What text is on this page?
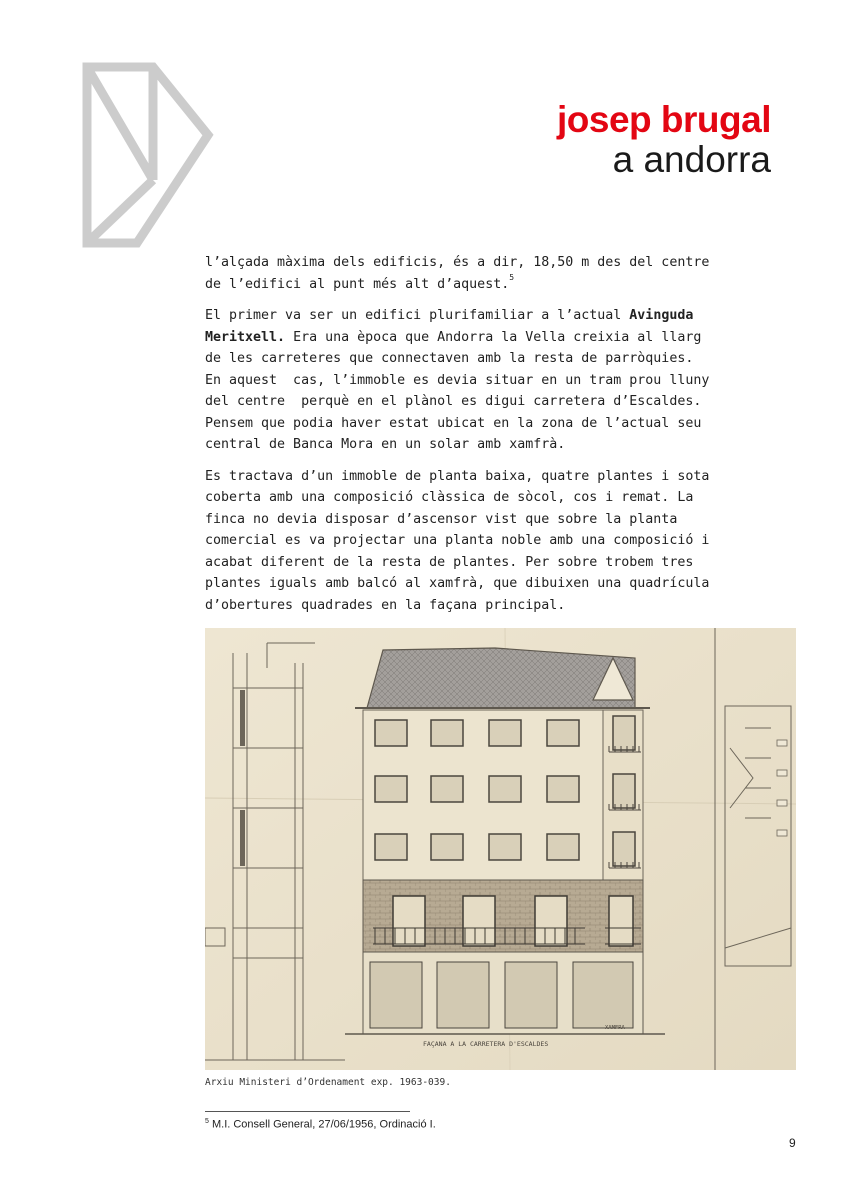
josep brugal
a andorra

l’alçada màxima dels edificis, és a dir, 18,50 m des del centre
de l’edifici al punt més alt d’aquest.$^5$

El primer va ser un edifici plurifamiliar a l’actual Avinguda
Meritxell. Era una època que Andorra la Vella creixia al llarg
de les carreteres que connectaven amb la resta de parròquies.
En aquest  cas, l’immoble es devia situar en un tram prou lluny
del centre  perquè en el plànol es digui carretera d’Escaldes.
Pensem que podia haver estat ubicat en la zona de l’actual seu
central de Banca Mora en un solar amb xamfrà.

Es tractava d’un immoble de planta baixa, quatre plantes i sota
coberta amb una composició clàssica de sòcol, cos i remat. La
finca no devia disposar d’ascensor vist que sobre la planta
comercial es va projectar una planta noble amb una composició i
acabat diferent de la resta de plantes. Per sobre trobem tres
plantes iguals amb balcó al xamfrà, que dibuixen una quadrícula
d’obertures quadrades en la façana principal.

FAÇANA A LA CARRETERA D'ESCALDES
XAMFRA
Arxiu Ministeri d’Ordenament exp. 1963-039.
$^5$ M.I. Consell General, 27/06/1956, Ordinació I.
9
